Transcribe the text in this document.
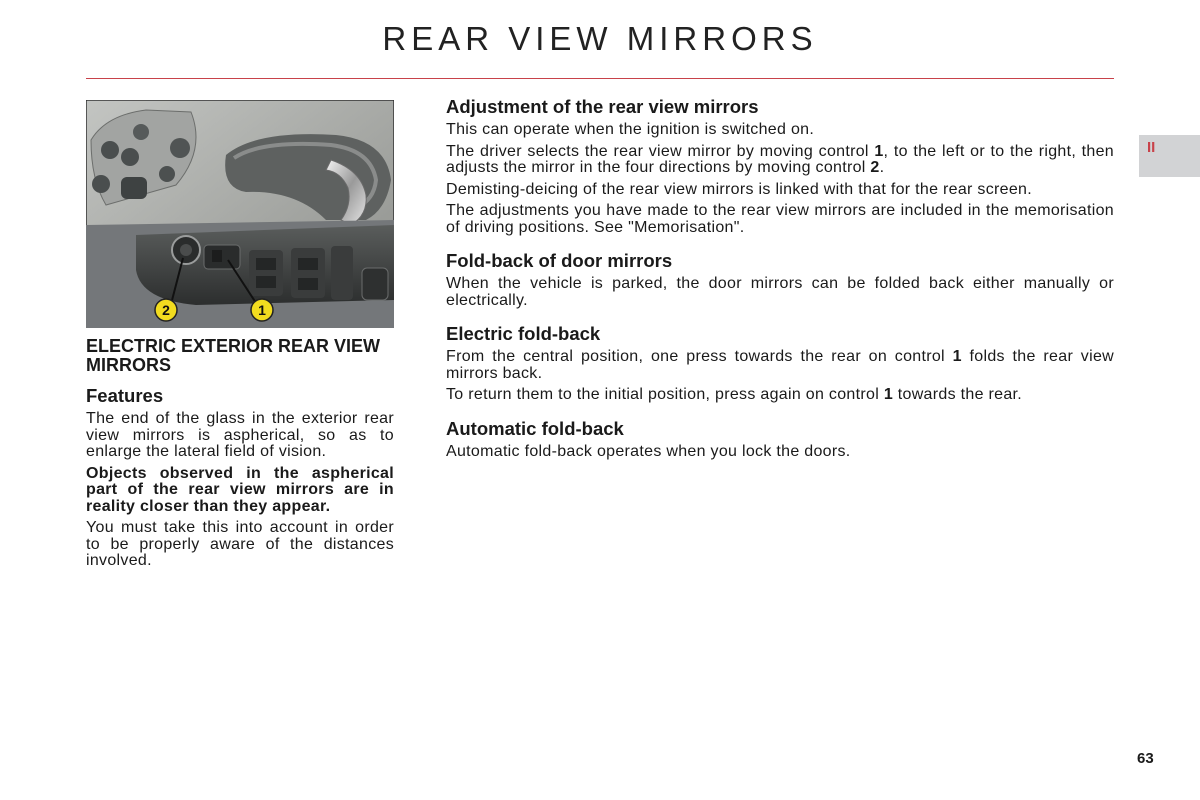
REAR VIEW MIRRORS
II
2	1
ELECTRIC EXTERIOR REAR VIEW MIRRORS
Features

The end of the glass in the exterior rear view mirrors is aspherical, so as to enlarge the lateral field of vision.

Objects observed in the aspherical part of the rear view mirrors are in reality closer than they appear.

You must take this into account in order to be properly aware of the distances involved.

Adjustment of the rear view mirrors

This can operate when the ignition is switched on.

The driver selects the rear view mirror by moving control 1, to the left or to the right, then adjusts the mirror in the four directions by moving control 2.

Demisting-deicing of the rear view mirrors is linked with that for the rear screen.

The adjustments you have made to the rear view mirrors are included in the memorisation of driving positions. See "Memorisation".

Fold-back of door mirrors

When the vehicle is parked, the door mirrors can be folded back either manually or electrically.

Electric fold-back

From the central position, one press towards the rear on control 1 folds the rear view mirrors back.

To return them to the initial position, press again on control 1 towards the rear.

Automatic fold-back

Automatic fold-back operates when you lock the doors.

63
